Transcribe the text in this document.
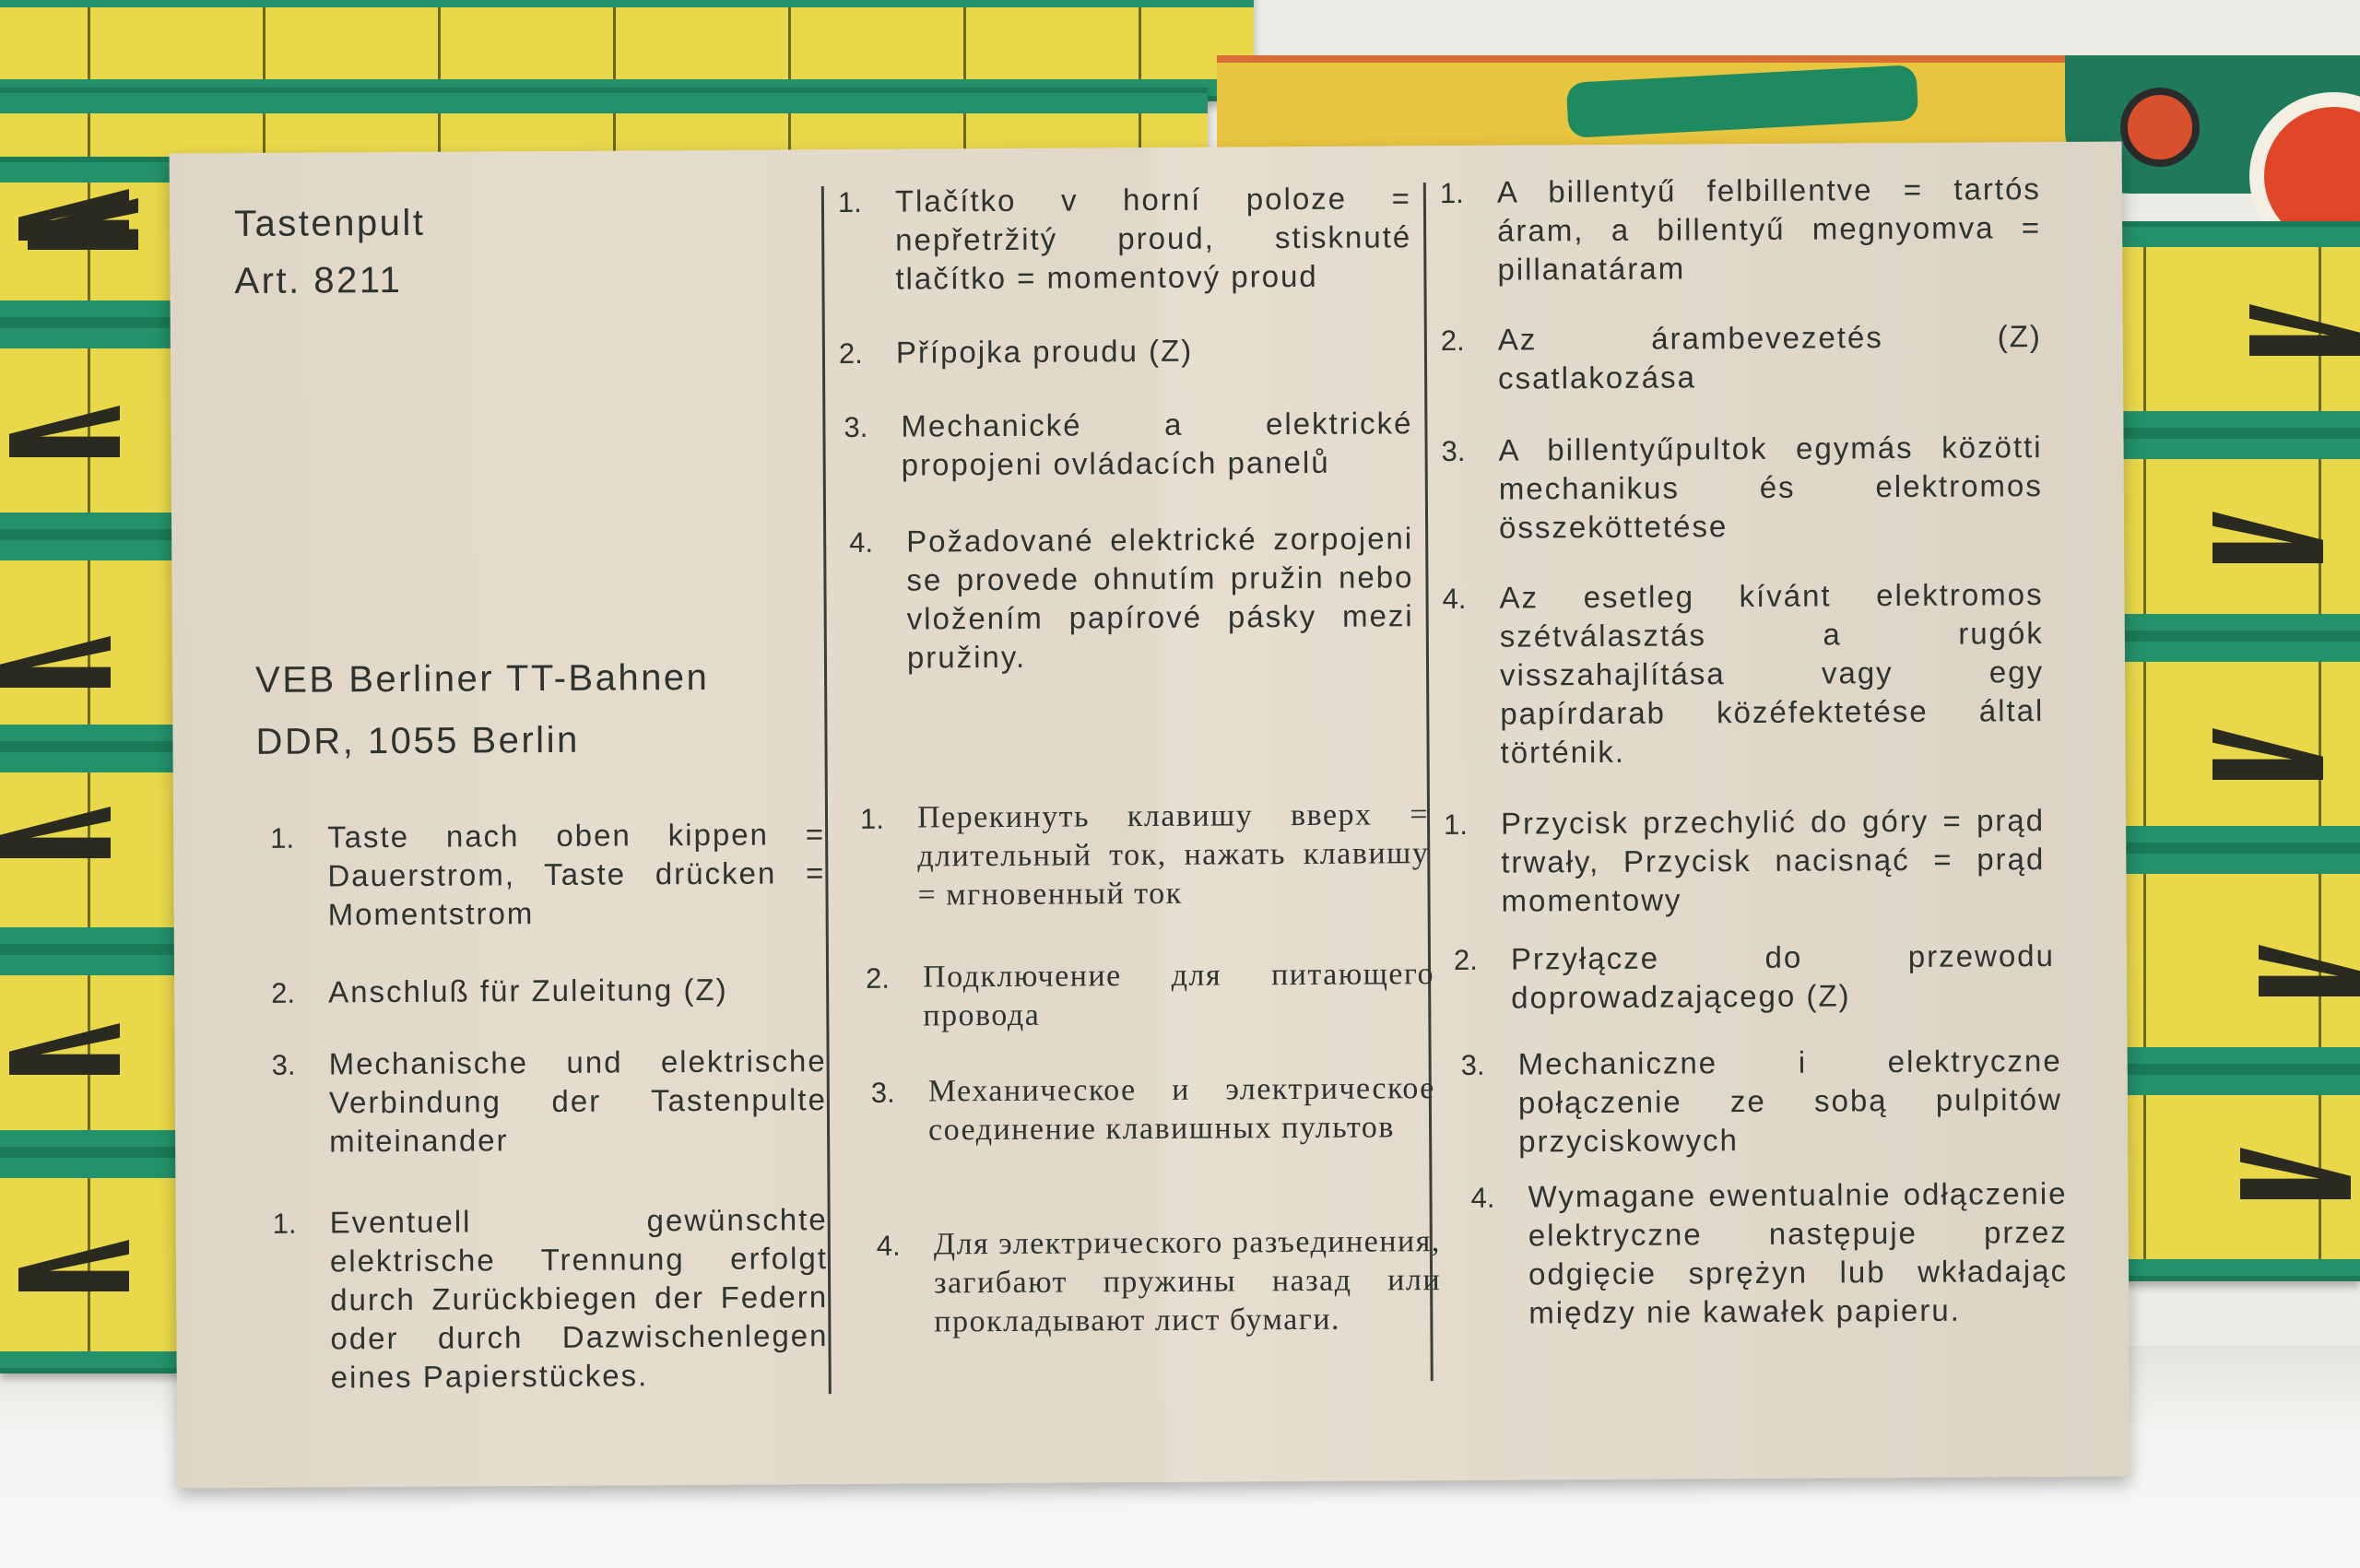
Tastenpult
Art. 8211
VEB Berliner TT-Bahnen
DDR, 1055 Berlin
1. Taste nach oben kippen = Dauerstrom, Taste drücken = Momentstrom
2. Anschluß für Zuleitung (Z)
3. Mechanische und elektrische Verbindung der Tastenpulte miteinander
1. Eventuell gewünschte elektrische Trennung erfolgt durch Zurückbiegen der Federn oder durch Dazwischenlegen eines Papierstückes.
1. Tlačítko v horní poloze = nepřetržitý proud, stisknuté tlačítko = momentový proud
2. Přípojka proudu (Z)
3. Mechanické a elektrické propojeni ovládacích panelů
4. Požadované elektrické zorpojeni se provede ohnutím pružin nebo vložením papírové pásky mezi pružiny.
1. Перекинуть клавишу вверх = длительный ток, нажать клавишу = мгновенный ток
2. Подключение для питающего провода
3. Механическое и электрическое соединение клавишных пультов
4. Для электрического разъединения, загибают пружины назад или прокладывают лист бумаги.
1. A billentyű felbillentve = tartós áram, a billentyű megnyomva = pillanatáram
2. Az árambevezetés (Z) csatlakozása
3. A billentyűpultok egymás közötti mechanikus és elektromos összeköttetése
4. Az esetleg kívánt elektromos szétválasztás a rugók visszahajlítása vagy egy papírdarab közéfektetése által történik.
1. Przycisk przechylić do góry = prąd trwały, Przycisk nacisnąć = prąd momentowy
2. Przyłącze do przewodu doprowadzającego (Z)
3. Mechaniczne i elektryczne połączenie ze sobą pulpitów przyciskowych
4. Wymagane ewentualnie odłączenie elektryczne następuje przez odgięcie sprężyn lub wkładając między nie kawałek papieru.
